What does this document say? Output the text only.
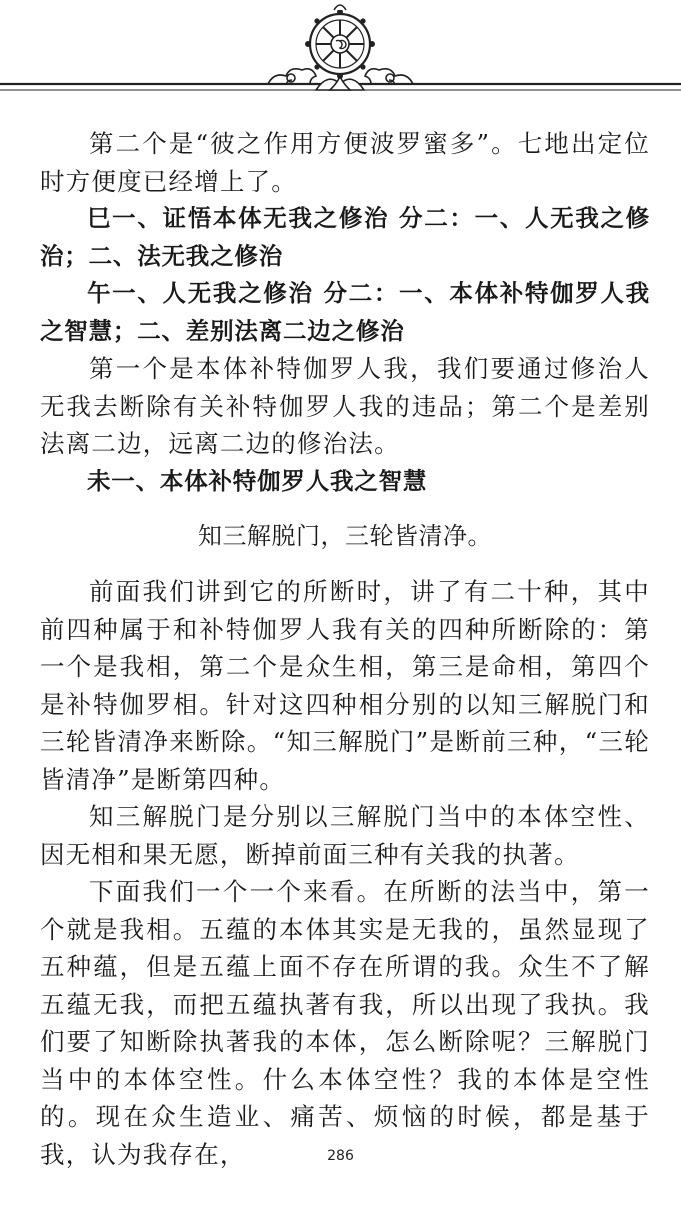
第二个是“彼之作用方便波罗蜜多”。七地出定位时方便度已经增上了。

巳一、证悟本体无我之修治 分二：一、人无我之修治；二、法无我之修治

午一、人无我之修治 分二：一、本体补特伽罗人我之智慧；二、差别法离二边之修治

第一个是本体补特伽罗人我，我们要通过修治人无我去断除有关补特伽罗人我的违品；第二个是差别法离二边，远离二边的修治法。

未一、本体补特伽罗人我之智慧

知三解脱门，三轮皆清净。

前面我们讲到它的所断时，讲了有二十种，其中前四种属于和补特伽罗人我有关的四种所断除的：第一个是我相，第二个是众生相，第三是命相，第四个是补特伽罗相。针对这四种相分别的以知三解脱门和三轮皆清净来断除。“知三解脱门”是断前三种，“三轮皆清净”是断第四种。

知三解脱门是分别以三解脱门当中的本体空性、因无相和果无愿，断掉前面三种有关我的执著。

下面我们一个一个来看。在所断的法当中，第一个就是我相。五蕴的本体其实是无我的，虽然显现了五种蕴，但是五蕴上面不存在所谓的我。众生不了解五蕴无我，而把五蕴执著有我，所以出现了我执。我们要了知断除执著我的本体，怎么断除呢？三解脱门当中的本体空性。什么本体空性？我的本体是空性的。现在众生造业、痛苦、烦恼的时候，都是基于我，认为我存在，	286
